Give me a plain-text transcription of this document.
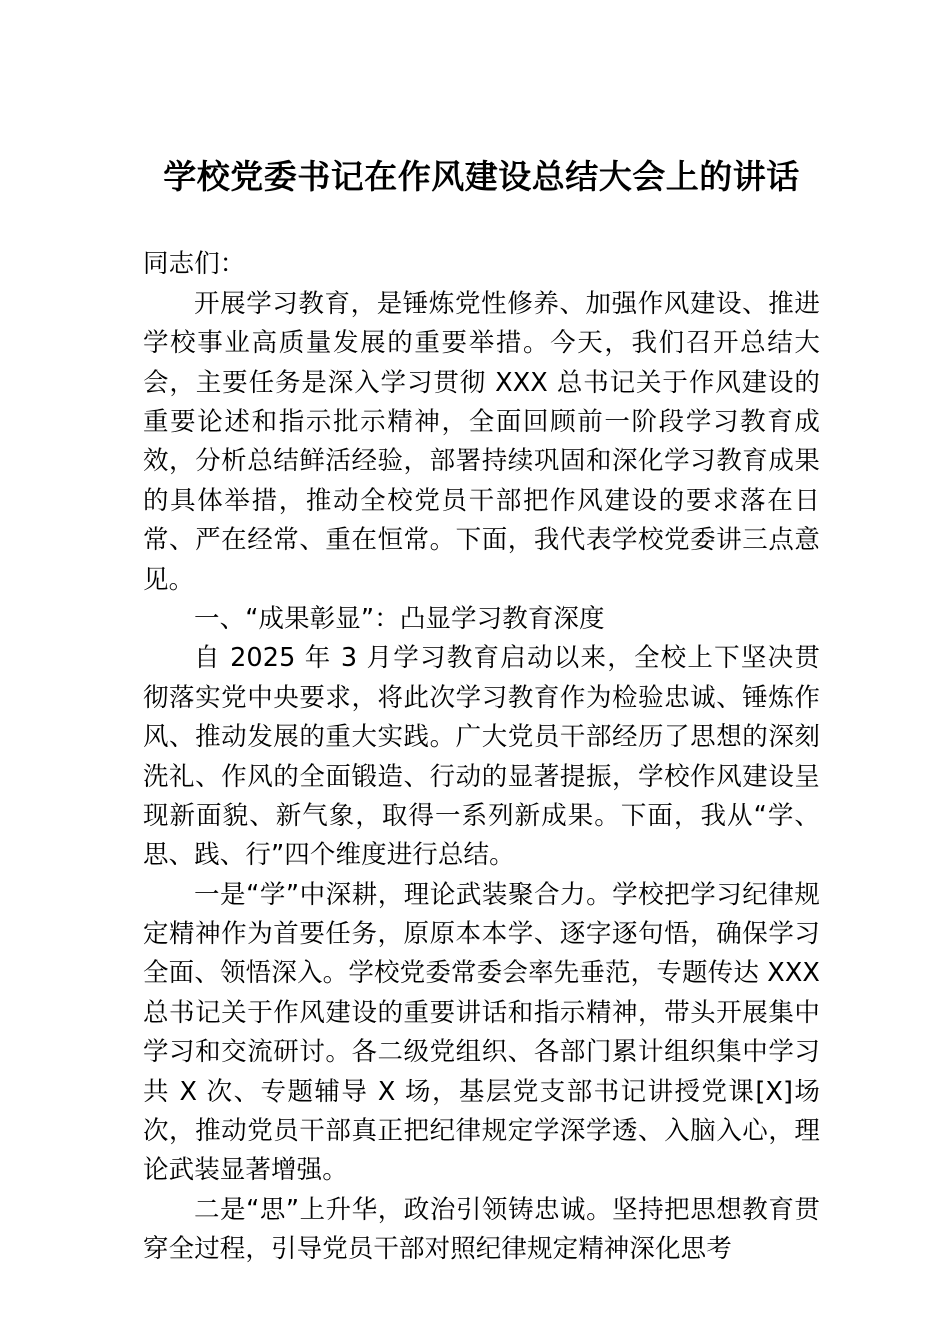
学校党委书记在作风建设总结大会上的讲话

同志们：

开展学习教育，是锤炼党性修养、加强作风建设、推进学校事业高质量发展的重要举措。今天，我们召开总结大会，主要任务是深入学习贯彻 XXX 总书记关于作风建设的重要论述和指示批示精神，全面回顾前一阶段学习教育成效，分析总结鲜活经验，部署持续巩固和深化学习教育成果的具体举措，推动全校党员干部把作风建设的要求落在日常、严在经常、重在恒常。下面，我代表学校党委讲三点意见。

一、“成果彰显”：凸显学习教育深度

自 2025 年 3 月学习教育启动以来，全校上下坚决贯彻落实党中央要求，将此次学习教育作为检验忠诚、锤炼作风、推动发展的重大实践。广大党员干部经历了思想的深刻洗礼、作风的全面锻造、行动的显著提振，学校作风建设呈现新面貌、新气象，取得一系列新成果。下面，我从“学、思、践、行”四个维度进行总结。

一是“学”中深耕，理论武装聚合力。学校把学习纪律规定精神作为首要任务，原原本本学、逐字逐句悟，确保学习全面、领悟深入。学校党委常委会率先垂范，专题传达 XXX 总书记关于作风建设的重要讲话和指示精神，带头开展集中学习和交流研讨。各二级党组织、各部门累计组织集中学习共 X 次、专题辅导 X 场，基层党支部书记讲授党课[X]场次，推动党员干部真正把纪律规定学深学透、入脑入心，理论武装显著增强。

二是“思”上升华，政治引领铸忠诚。坚持把思想教育贯穿全过程，引导党员干部对照纪律规定精神深化思考
